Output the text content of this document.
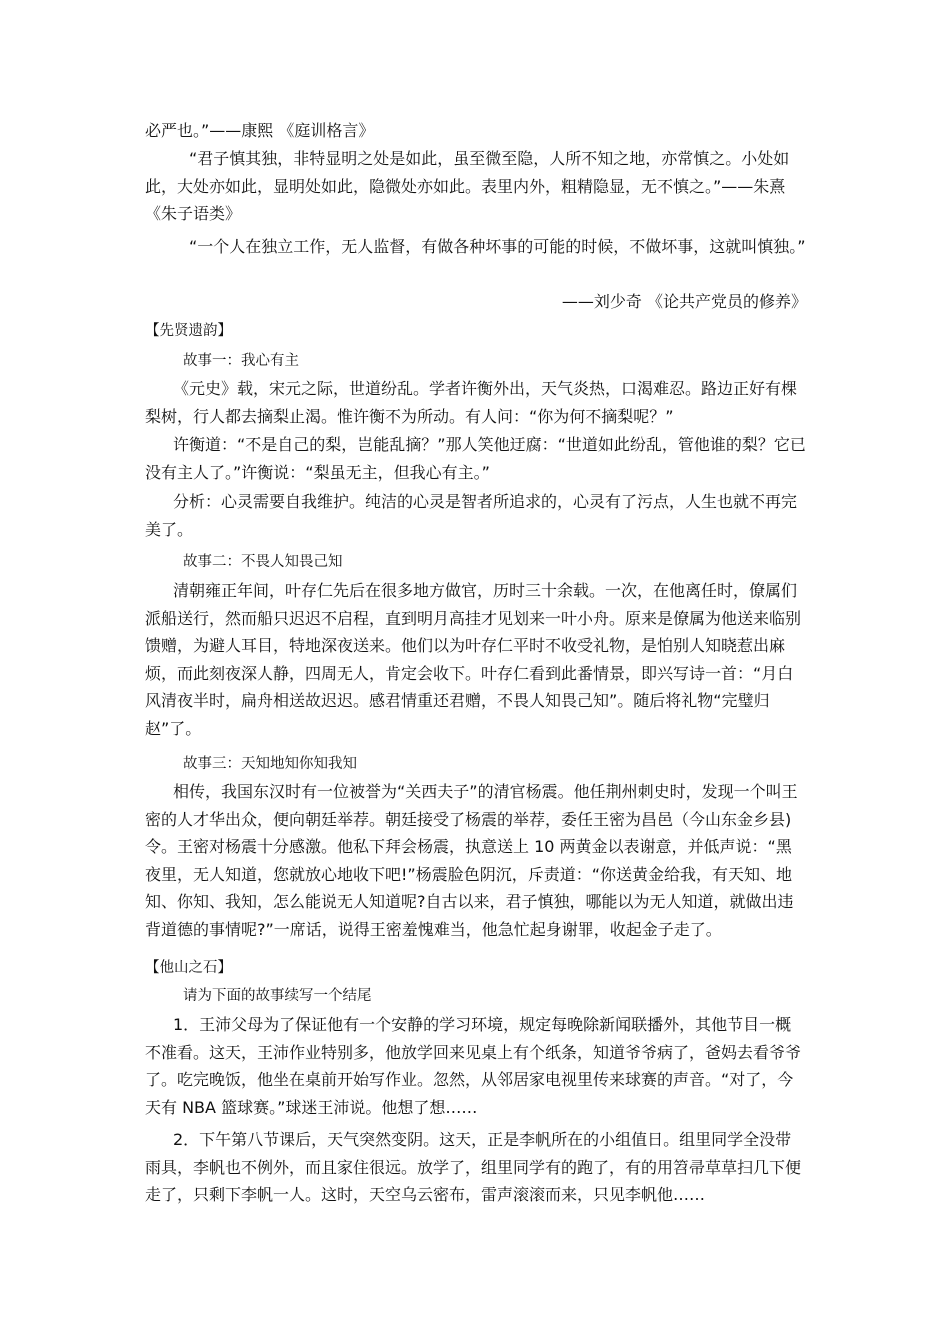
必严也。”——康熙 《庭训格言》

“君子慎其独，非特显明之处是如此，虽至微至隐，人所不知之地，亦常慎之。小处如此，大处亦如此，显明处如此，隐微处亦如此。表里内外，粗精隐显，无不慎之。”——朱熹《朱子语类》

“一个人在独立工作，无人监督，有做各种坏事的可能的时候，不做坏事，这就叫慎独。”

——刘少奇 《论共产党员的修养》

【先贤遗韵】

故事一：我心有主

《元史》载，宋元之际，世道纷乱。学者许衡外出，天气炎热，口渴难忍。路边正好有棵梨树，行人都去摘梨止渴。惟许衡不为所动。有人问：“你为何不摘梨呢？”

许衡道：“不是自己的梨，岂能乱摘？”那人笑他迂腐：“世道如此纷乱，管他谁的梨？它已没有主人了。”许衡说：“梨虽无主，但我心有主。”

分析：心灵需要自我维护。纯洁的心灵是智者所追求的，心灵有了污点，人生也就不再完美了。

故事二：不畏人知畏己知

清朝雍正年间，叶存仁先后在很多地方做官，历时三十余载。一次，在他离任时，僚属们派船送行，然而船只迟迟不启程，直到明月高挂才见划来一叶小舟。原来是僚属为他送来临别馈赠，为避人耳目，特地深夜送来。他们以为叶存仁平时不收受礼物，是怕别人知晓惹出麻烦，而此刻夜深人静，四周无人，肯定会收下。叶存仁看到此番情景，即兴写诗一首：“月白风清夜半时，扁舟相送故迟迟。感君情重还君赠，不畏人知畏己知”。随后将礼物“完璧归赵”了。

故事三：天知地知你知我知

相传，我国东汉时有一位被誉为“关西夫子”的清官杨震。他任荆州刺史时，发现一个叫王密的人才华出众，便向朝廷举荐。朝廷接受了杨震的举荐，委任王密为昌邑（今山东金乡县)令。王密对杨震十分感激。他私下拜会杨震，执意送上 10 两黄金以表谢意，并低声说：“黑夜里，无人知道，您就放心地收下吧!”杨震脸色阴沉，斥责道：“你送黄金给我，有天知、地知、你知、我知，怎么能说无人知道呢?自古以来，君子慎独，哪能以为无人知道，就做出违背道德的事情呢?”一席话，说得王密羞愧难当，他急忙起身谢罪，收起金子走了。

【他山之石】

请为下面的故事续写一个结尾

1．王沛父母为了保证他有一个安静的学习环境，规定每晚除新闻联播外，其他节目一概不准看。这天，王沛作业特别多，他放学回来见桌上有个纸条，知道爷爷病了，爸妈去看爷爷了。吃完晚饭，他坐在桌前开始写作业。忽然，从邻居家电视里传来球赛的声音。“对了，今天有 NBA 篮球赛。”球迷王沛说。他想了想……

2．下午第八节课后，天气突然变阴。这天，正是李帆所在的小组值日。组里同学全没带雨具，李帆也不例外，而且家住很远。放学了，组里同学有的跑了，有的用笤帚草草扫几下便走了，只剩下李帆一人。这时，天空乌云密布，雷声滚滚而来，只见李帆他……
